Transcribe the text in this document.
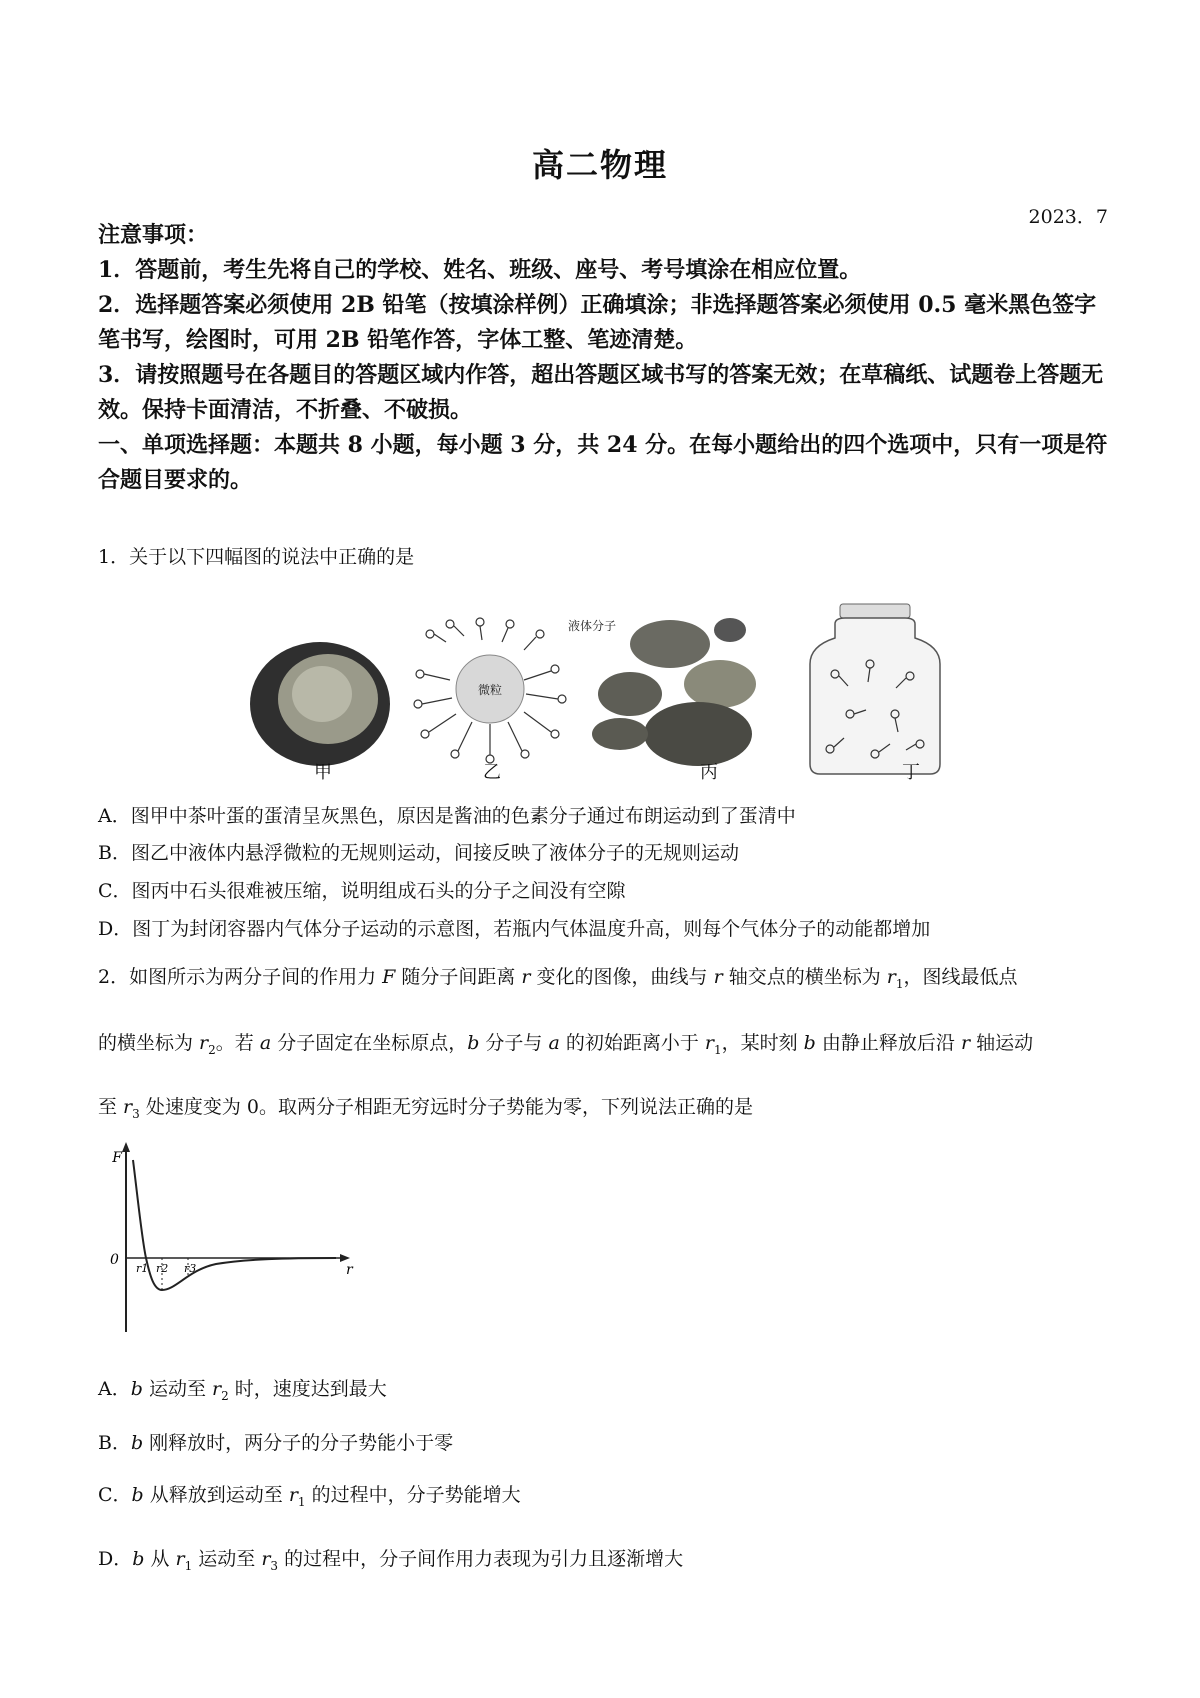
高二物理
2023．7
注意事项：
1．答题前，考生先将自己的学校、姓名、班级、座号、考号填涂在相应位置。
2．选择题答案必须使用 2B 铅笔（按填涂样例）正确填涂；非选择题答案必须使用 0.5 毫米黑色签字笔书写，绘图时，可用 2B 铅笔作答，字体工整、笔迹清楚。
3．请按照题号在各题目的答题区域内作答，超出答题区域书写的答案无效；在草稿纸、试题卷上答题无效。保持卡面清洁，不折叠、不破损。
一、单项选择题：本题共 8 小题，每小题 3 分，共 24 分。在每小题给出的四个选项中，只有一项是符合题目要求的。
1．关于以下四幅图的说法中正确的是
微粒
液体分子
甲	乙	丙	丁
A．图甲中茶叶蛋的蛋清呈灰黑色，原因是酱油的色素分子通过布朗运动到了蛋清中
B．图乙中液体内悬浮微粒的无规则运动，间接反映了液体分子的无规则运动
C．图丙中石头很难被压缩，说明组成石头的分子之间没有空隙
D．图丁为封闭容器内气体分子运动的示意图，若瓶内气体温度升高，则每个气体分子的动能都增加
2．如图所示为两分子间的作用力 F 随分子间距离 r 变化的图像，曲线与 r 轴交点的横坐标为 $r_1$，图线最低点
的横坐标为 $r_2$。若 a 分子固定在坐标原点，b 分子与 a 的初始距离小于 $r_1$，某时刻 b 由静止释放后沿 r 轴运动
至 $r_3$ 处速度变为 0。取两分子相距无穷远时分子势能为零，下列说法正确的是
F
r
0
r1 r2 r3
A．b 运动至 $r_2$ 时，速度达到最大
B．b 刚释放时，两分子的分子势能小于零
C．b 从释放到运动至 $r_1$ 的过程中，分子势能增大
D．b 从 $r_1$ 运动至 $r_3$ 的过程中，分子间作用力表现为引力且逐渐增大
